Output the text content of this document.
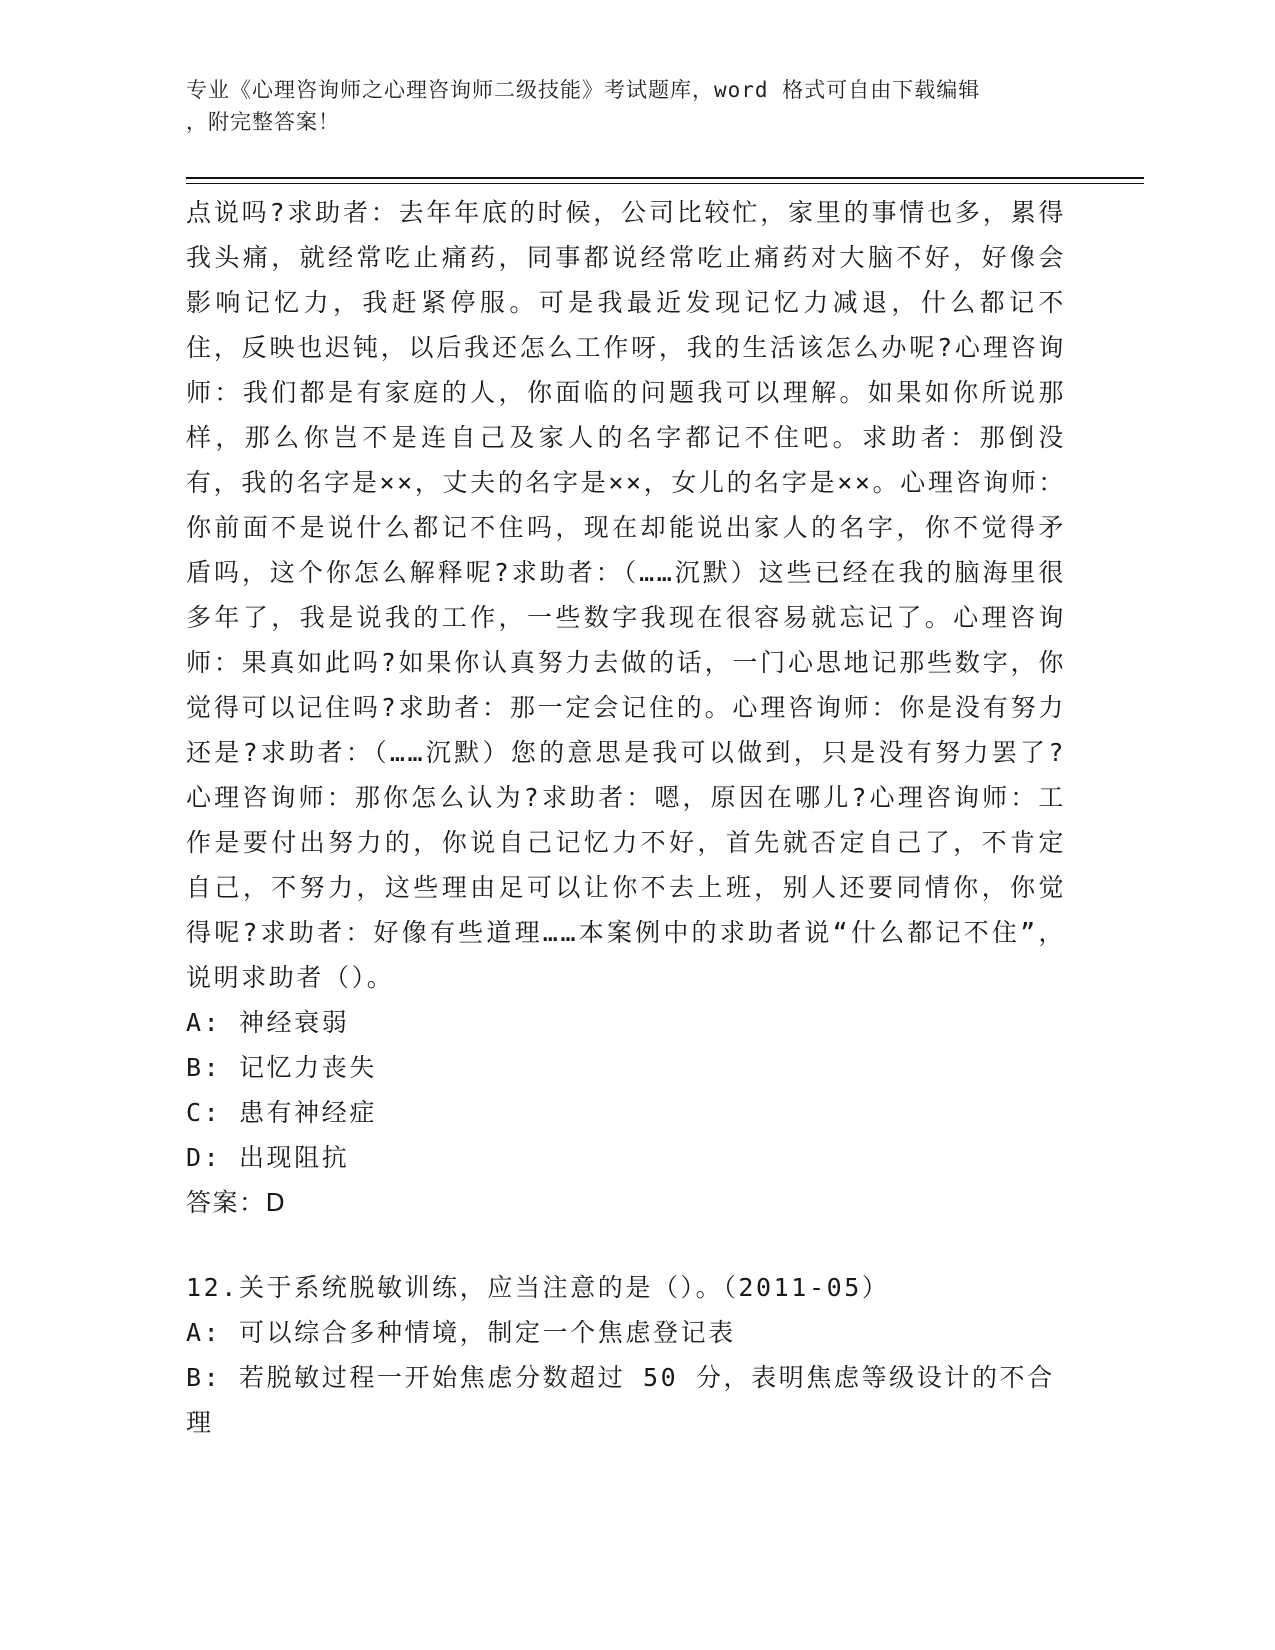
专业《心理咨询师之心理咨询师二级技能》考试题库，word 格式可自由下载编辑
，附完整答案！

点说吗?求助者：去年年底的时候，公司比较忙，家里的事情也多，累得我头痛，就经常吃止痛药，同事都说经常吃止痛药对大脑不好，好像会影响记忆力，我赶紧停服。可是我最近发现记忆力减退，什么都记不住，反映也迟钝，以后我还怎么工作呀，我的生活该怎么办呢?心理咨询师：我们都是有家庭的人，你面临的问题我可以理解。如果如你所说那样，那么你岂不是连自己及家人的名字都记不住吧。求助者：那倒没有，我的名字是××，丈夫的名字是××，女儿的名字是××。心理咨询师：你前面不是说什么都记不住吗，现在却能说出家人的名字，你不觉得矛盾吗，这个你怎么解释呢?求助者：（……沉默）这些已经在我的脑海里很多年了，我是说我的工作，一些数字我现在很容易就忘记了。心理咨询师：果真如此吗?如果你认真努力去做的话，一门心思地记那些数字，你觉得可以记住吗?求助者：那一定会记住的。心理咨询师：你是没有努力还是?求助者：（……沉默）您的意思是我可以做到，只是没有努力罢了?心理咨询师：那你怎么认为?求助者：嗯，原因在哪儿?心理咨询师：工作是要付出努力的，你说自己记忆力不好，首先就否定自己了，不肯定自己，不努力，这些理由足可以让你不去上班，别人还要同情你，你觉得呢?求助者：好像有些道理……本案例中的求助者说“什么都记不住”，说明求助者（）。

A: 神经衰弱

B: 记忆力丧失

C: 患有神经症

D: 出现阻抗

答案：D

12.关于系统脱敏训练，应当注意的是（）。（2011-05）

A: 可以综合多种情境，制定一个焦虑登记表

B: 若脱敏过程一开始焦虑分数超过 50 分，表明焦虑等级设计的不合理
